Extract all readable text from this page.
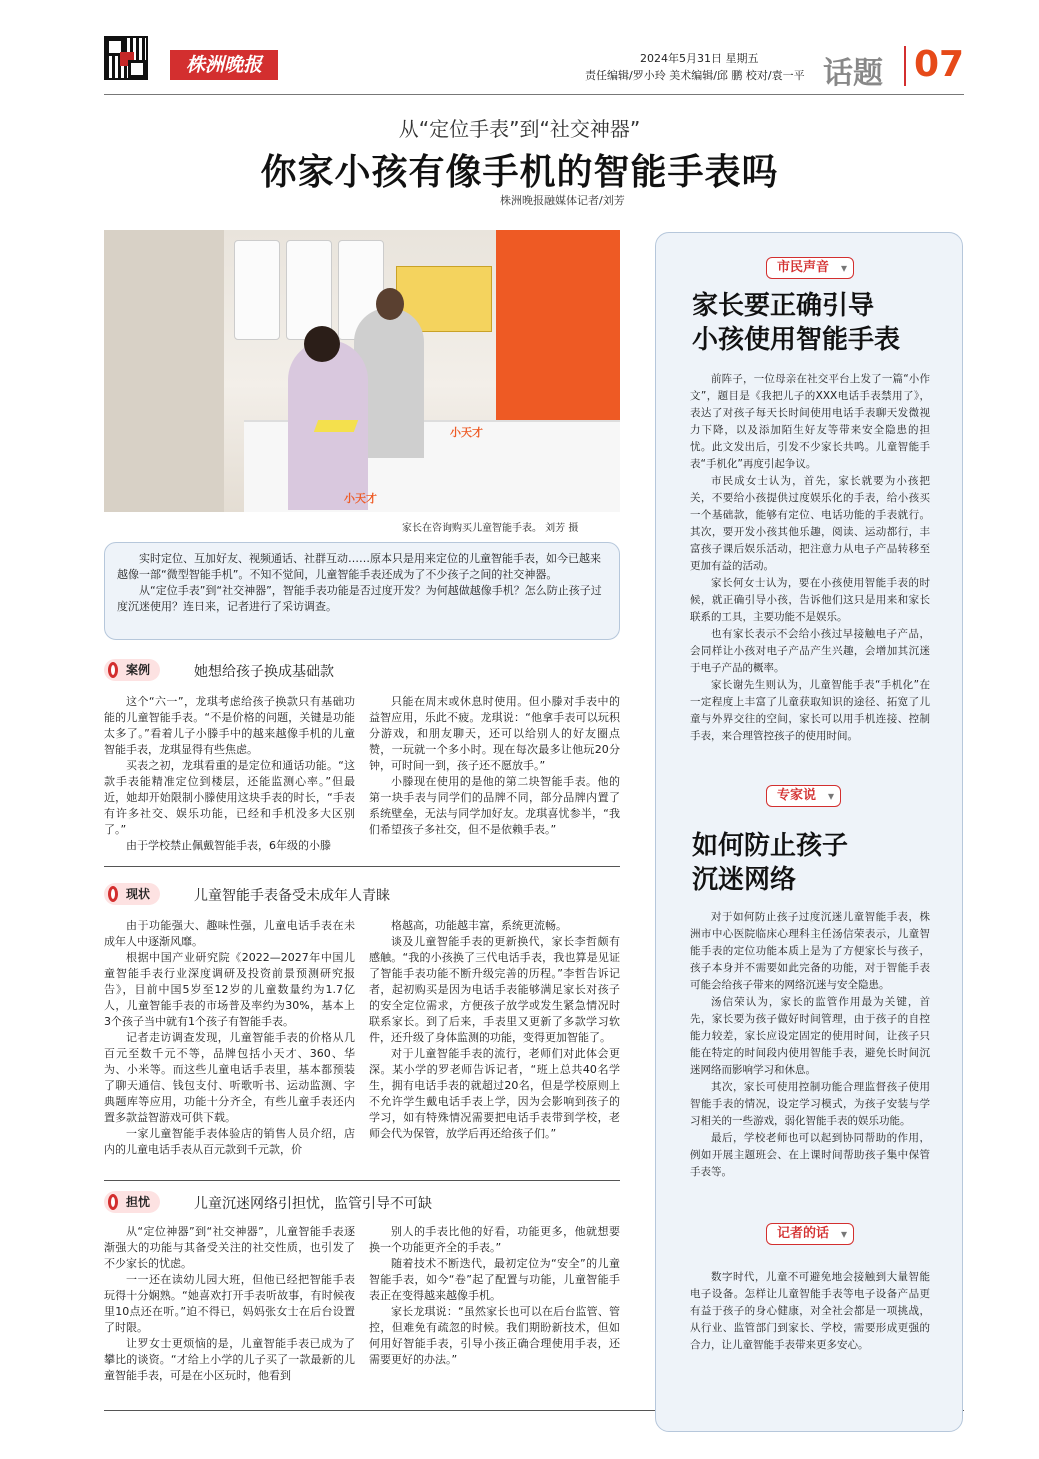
株洲晚报	2024年5月31日 星期五
责任编辑/罗小玲 美术编辑/邱 鹏 校对/袁一平 话题 07
从“定位手表”到“社交神器”
你家小孩有像手机的智能手表吗
株洲晚报融媒体记者/刘芳
小天才
小天才
家长在咨询购买儿童智能手表。 刘芳 摄

实时定位、互加好友、视频通话、社群互动……原本只是用来定位的儿童智能手表，如今已越来越像一部“微型智能手机”。不知不觉间，儿童智能手表还成为了不少孩子之间的社交神器。

从“定位手表”到“社交神器”，智能手表功能是否过度开发？为何越做越像手机？怎么防止孩子过度沉迷使用？连日来，记者进行了采访调查。

案例	她想给孩子换成基础款

这个“六一”，龙琪考虑给孩子换款只有基础功能的儿童智能手表。“不是价格的问题，关键是功能太多了。”看着儿子小滕手中的越来越像手机的儿童智能手表，龙琪显得有些焦虑。

买表之初，龙琪看重的是定位和通话功能。“这款手表能精准定位到楼层，还能监测心率。”但最近，她却开始限制小滕使用这块手表的时长，“手表有许多社交、娱乐功能，已经和手机没多大区别了。”

由于学校禁止佩戴智能手表，6年级的小滕

只能在周末或休息时使用。但小滕对手表中的益智应用，乐此不疲。龙琪说：“他拿手表可以玩积分游戏，和朋友聊天，还可以给别人的好友圈点赞，一玩就一个多小时。现在每次最多让他玩20分钟，可时间一到，孩子还不愿放手。”

小滕现在使用的是他的第二块智能手表。他的第一块手表与同学们的品牌不同，部分品牌内置了系统壁垒，无法与同学加好友。龙琪喜忧参半，“我们希望孩子多社交，但不是依赖手表。”

现状	儿童智能手表备受未成年人青睐

由于功能强大、趣味性强，儿童电话手表在未成年人中逐渐风靡。

根据中国产业研究院《2022—2027年中国儿童智能手表行业深度调研及投资前景预测研究报告》，目前中国5岁至12岁的儿童数量约为1.7亿人，儿童智能手表的市场普及率约为30%，基本上3个孩子当中就有1个孩子有智能手表。

记者走访调查发现，儿童智能手表的价格从几百元至数千元不等，品牌包括小天才、360、华为、小米等。而这些儿童电话手表里，基本都预装了聊天通信、钱包支付、听歌听书、运动监测、字典题库等应用，功能十分齐全，有些儿童手表还内置多款益智游戏可供下载。

一家儿童智能手表体验店的销售人员介绍，店内的儿童电话手表从百元款到千元款，价

格越高，功能越丰富，系统更流畅。

谈及儿童智能手表的更新换代，家长李哲颇有感触。“我的小孩换了三代电话手表，我也算是见证了智能手表功能不断升级完善的历程。”李哲告诉记者，起初购买是因为电话手表能够满足家长对孩子的安全定位需求，方便孩子放学或发生紧急情况时联系家长。到了后来，手表里又更新了多款学习软件，还升级了身体监测的功能，变得更加智能了。

对于儿童智能手表的流行，老师们对此体会更深。某小学的罗老师告诉记者，“班上总共40名学生，拥有电话手表的就超过20名，但是学校原则上不允许学生戴电话手表上学，因为会影响到孩子的学习，如有特殊情况需要把电话手表带到学校，老师会代为保管，放学后再还给孩子们。”

担忧	儿童沉迷网络引担忧，监管引导不可缺

从“定位神器”到“社交神器”，儿童智能手表逐渐强大的功能与其备受关注的社交性质，也引发了不少家长的忧虑。

一一还在读幼儿园大班，但他已经把智能手表玩得十分娴熟。“她喜欢打开手表听故事，有时候夜里10点还在听。”迫不得已，妈妈张女士在后台设置了时限。

让罗女士更烦恼的是，儿童智能手表已成为了攀比的谈资。“才给上小学的儿子买了一款最新的儿童智能手表，可是在小区玩时，他看到

别人的手表比他的好看，功能更多，他就想要换一个功能更齐全的手表。”

随着技术不断迭代，最初定位为“安全”的儿童智能手表，如今“卷”起了配置与功能，儿童智能手表正在变得越来越像手机。

家长龙琪说：“虽然家长也可以在后台监管、管控，但难免有疏忽的时候。我们期盼新技术，但如何用好智能手表，引导小孩正确合理使用手表，还需要更好的办法。”

市民声音 ▾
家长要正确引导
小孩使用智能手表

前阵子，一位母亲在社交平台上发了一篇“小作文”，题目是《我把儿子的XXX电话手表禁用了》，表达了对孩子每天长时间使用电话手表聊天发微视力下降，以及添加陌生好友等带来安全隐患的担忧。此文发出后，引发不少家长共鸣。儿童智能手表“手机化”再度引起争议。

市民成女士认为，首先，家长就要为小孩把关，不要给小孩提供过度娱乐化的手表，给小孩买一个基础款，能够有定位、电话功能的手表就行。其次，要开发小孩其他乐趣，阅读、运动都行，丰富孩子课后娱乐活动，把注意力从电子产品转移至更加有益的活动。

家长何女士认为，要在小孩使用智能手表的时候，就正确引导小孩，告诉他们这只是用来和家长联系的工具，主要功能不是娱乐。

也有家长表示不会给小孩过早接触电子产品，会同样让小孩对电子产品产生兴趣，会增加其沉迷于电子产品的概率。

家长谢先生则认为，儿童智能手表“手机化”在一定程度上丰富了儿童获取知识的途径、拓宽了儿童与外界交往的空间，家长可以用手机连接、控制手表，来合理管控孩子的使用时间。

专家说 ▾
如何防止孩子
沉迷网络

对于如何防止孩子过度沉迷儿童智能手表，株洲市中心医院临床心理科主任汤信荣表示，儿童智能手表的定位功能本质上是为了方便家长与孩子，孩子本身并不需要如此完备的功能，对于智能手表可能会给孩子带来的网络沉迷与安全隐患。

汤信荣认为，家长的监管作用最为关键，首先，家长要为孩子做好时间管理，由于孩子的自控能力较差，家长应设定固定的使用时间，让孩子只能在特定的时间段内使用智能手表，避免长时间沉迷网络而影响学习和休息。

其次，家长可使用控制功能合理监督孩子使用智能手表的情况，设定学习模式，为孩子安装与学习相关的一些游戏，弱化智能手表的娱乐功能。

最后，学校老师也可以起到协同帮助的作用，例如开展主题班会、在上课时间帮助孩子集中保管手表等。

记者的话 ▾

数字时代，儿童不可避免地会接触到大量智能电子设备。怎样让儿童智能手表等电子设备产品更有益于孩子的身心健康，对全社会都是一项挑战，从行业、监管部门到家长、学校，需要形成更强的合力，让儿童智能手表带来更多安心。
